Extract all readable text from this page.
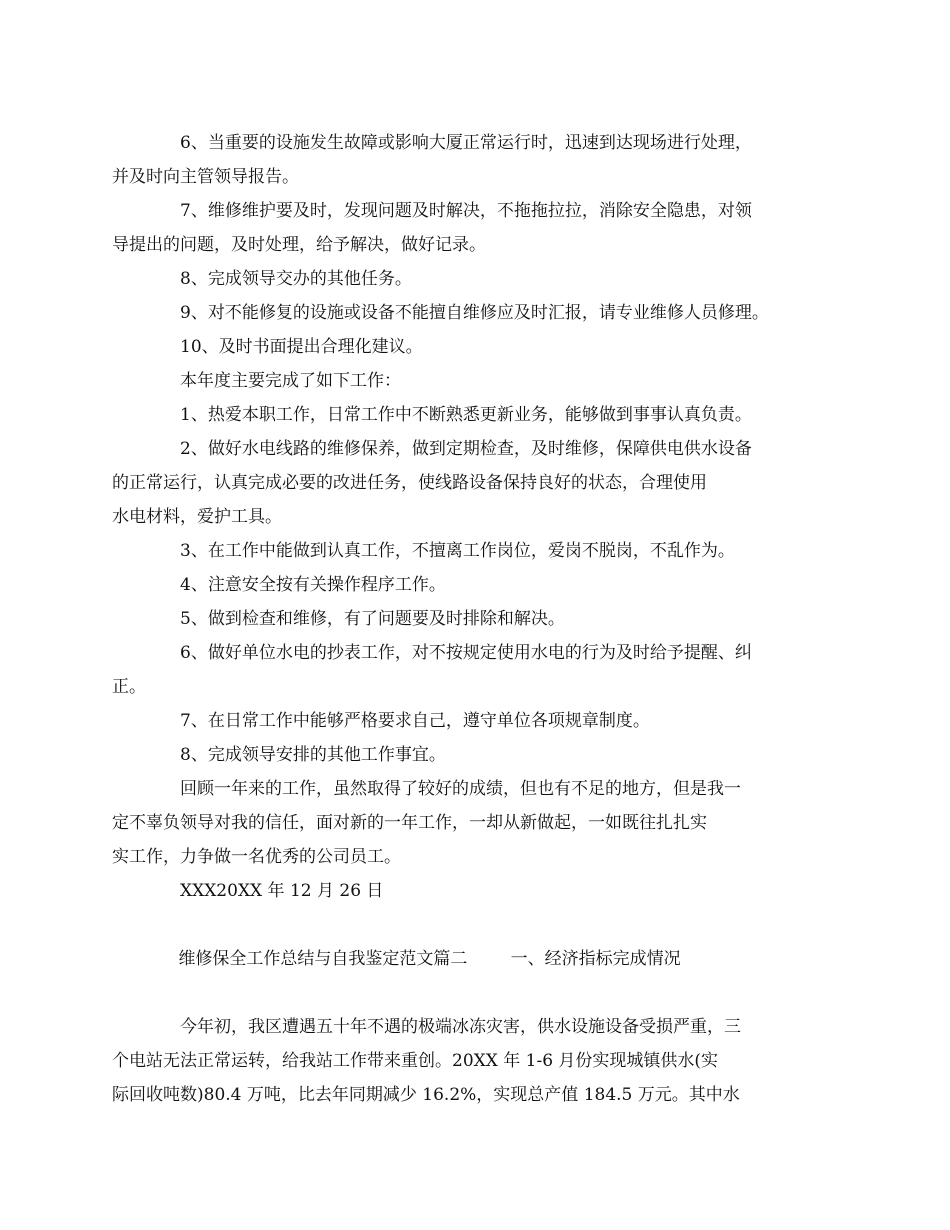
6、当重要的设施发生故障或影响大厦正常运行时，迅速到达现场进行处理，
并及时向主管领导报告。

7、维修维护要及时，发现问题及时解决，不拖拖拉拉，消除安全隐患，对领
导提出的问题，及时处理，给予解决，做好记录。

8、完成领导交办的其他任务。

9、对不能修复的设施或设备不能擅自维修应及时汇报，请专业维修人员修理。

10、及时书面提出合理化建议。

本年度主要完成了如下工作：

1、热爱本职工作，日常工作中不断熟悉更新业务，能够做到事事认真负责。

2、做好水电线路的维修保养，做到定期检查，及时维修，保障供电供水设备
的正常运行，认真完成必要的改进任务，使线路设备保持良好的状态，合理使用
水电材料，爱护工具。

3、在工作中能做到认真工作，不擅离工作岗位，爱岗不脱岗，不乱作为。

4、注意安全按有关操作程序工作。

5、做到检查和维修，有了问题要及时排除和解决。

6、做好单位水电的抄表工作，对不按规定使用水电的行为及时给予提醒、纠
正。

7、在日常工作中能够严格要求自己，遵守单位各项规章制度。

8、完成领导安排的其他工作事宜。

回顾一年来的工作，虽然取得了较好的成绩，但也有不足的地方，但是我一
定不辜负领导对我的信任，面对新的一年工作，一却从新做起，一如既往扎扎实
实工作，力争做一名优秀的公司员工。

XXX20XX 年 12 月 26 日

维修保全工作总结与自我鉴定范文篇二        一、经济指标完成情况

今年初，我区遭遇五十年不遇的极端冰冻灾害，供水设施设备受损严重，三
个电站无法正常运转，给我站工作带来重创。20XX 年 1-6 月份实现城镇供水(实
际回收吨数)80.4 万吨，比去年同期减少 16.2%，实现总产值 184.5 万元。其中水
